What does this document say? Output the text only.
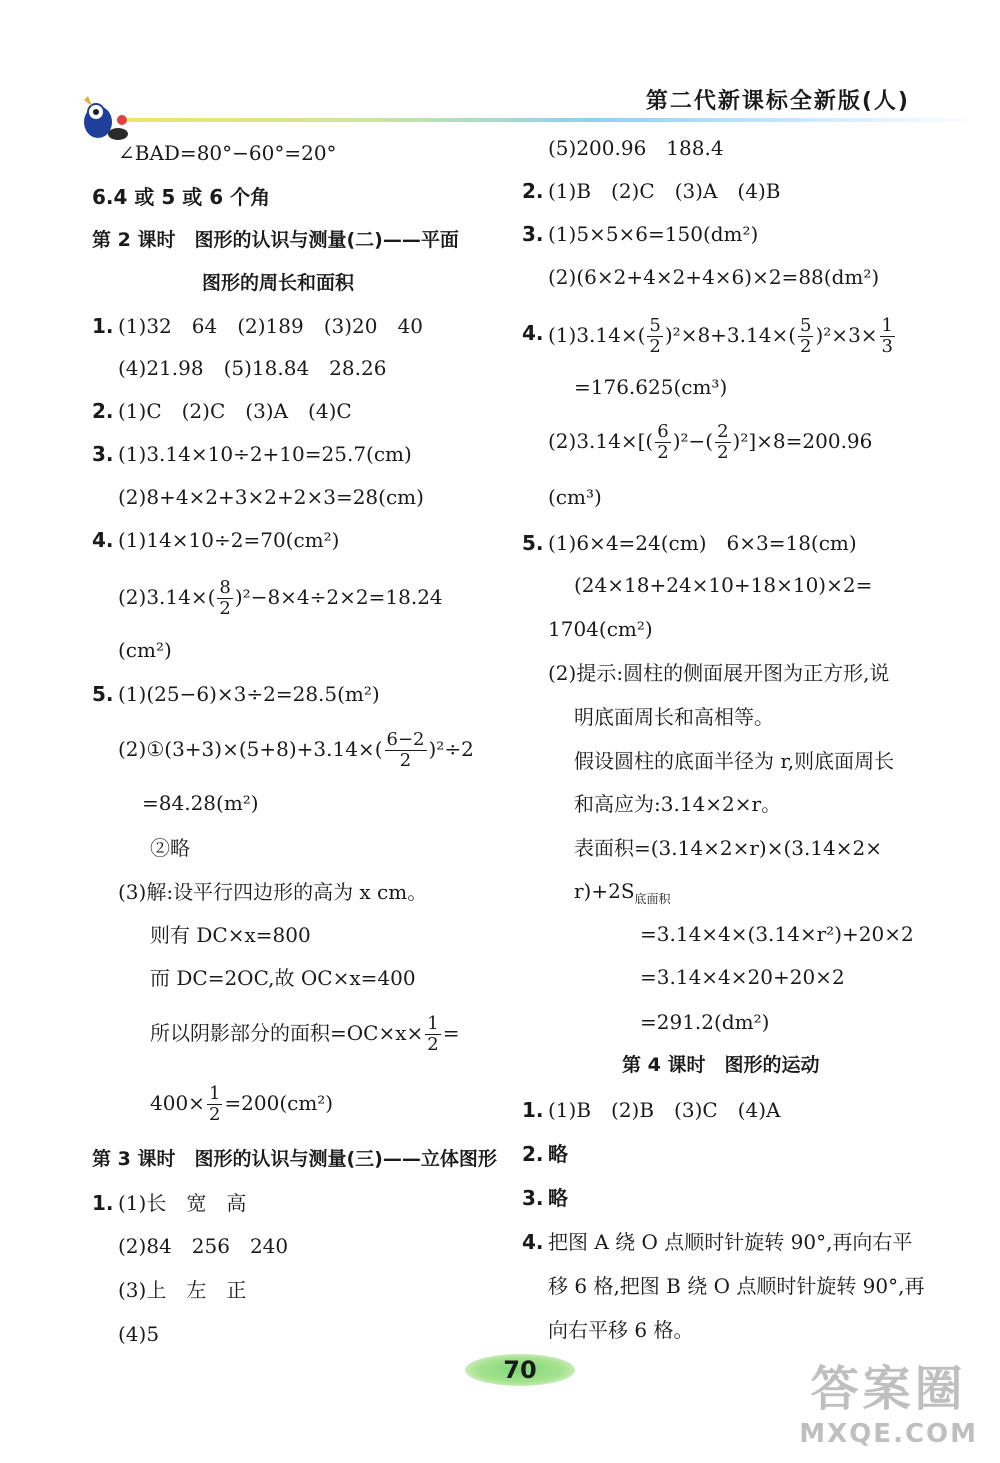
第二代新课标全新版(人)
∠BAD=80°−60°=20°
6.4 或 5 或 6 个角
第 2 课时　图形的认识与测量(二)——平面
图形的周长和面积
1. (1)32　64　(2)189　(3)20　40
(4)21.98　(5)18.84　28.26
2. (1)C　(2)C　(3)A　(4)C
3. (1)3.14×10÷2+10=25.7(cm)
(2)8+4×2+3×2+2×3=28(cm)
4. (1)14×10÷2=70(cm²)
$(2)3.14\times( \frac{8}{2} )^2-8\times 4\div 2\times 2=18.24$
(cm²)
5. (1)(25−6)×3÷2=28.5(m²)
(2)①(3+3)×(5+8)+3.14×( $\frac{6-2}{2} )^2\div 2$
=84.28(m²)
②略
(3)解:设平行四边形的高为 x cm。
则有 DC×x=800
而 DC=2OC,故 OC×x=400
所以阴影部分的面积$=OC\times x\times \frac{1}{2}$ =
$400\times \frac{1}{2} =200(cm^2)$
第 3 课时　图形的认识与测量(三)——立体图形
1. (1)长　宽　高
(2)84　256　240
(3)上　左　正
(4)5
(5)200.96　188.4
2. (1)B　(2)C　(3)A　(4)B
3. (1)5×5×6=150(dm²)
(2)(6×2+4×2+4×6)×2=88(dm²)
4. $(1)3.14\times( \frac{5}{2} )^2\times 8+3.14\times( \frac{5}{2} )^2\times 3\times \frac{1}{3}$
=176.625(cm³)
$(2)3.14\times[( \frac{6}{2} )^2-( \frac{2}{2} )^2]\times 8=200.96$
(cm³)
5. (1)6×4=24(cm)　6×3=18(cm)
(24×18+24×10+18×10)×2=
1704(cm²)
(2)提示:圆柱的侧面展开图为正方形,说
明底面周长和高相等。
假设圆柱的底面半径为 r,则底面周长
和高应为:3.14×2×r。
表面积=(3.14×2×r)×(3.14×2×
$r)+2S_{底面积}$
=3.14×4×(3.14×r²)+20×2
=3.14×4×20+20×2
=291.2(dm²)
第 4 课时　图形的运动
1. (1)B　(2)B　(3)C　(4)A
2. 略
3. 略
4. 把图 A 绕 O 点顺时针旋转 90°,再向右平
移 6 格,把图 B 绕 O 点顺时针旋转 90°,再
向右平移 6 格。
70	答案圈
MXQE.COM
